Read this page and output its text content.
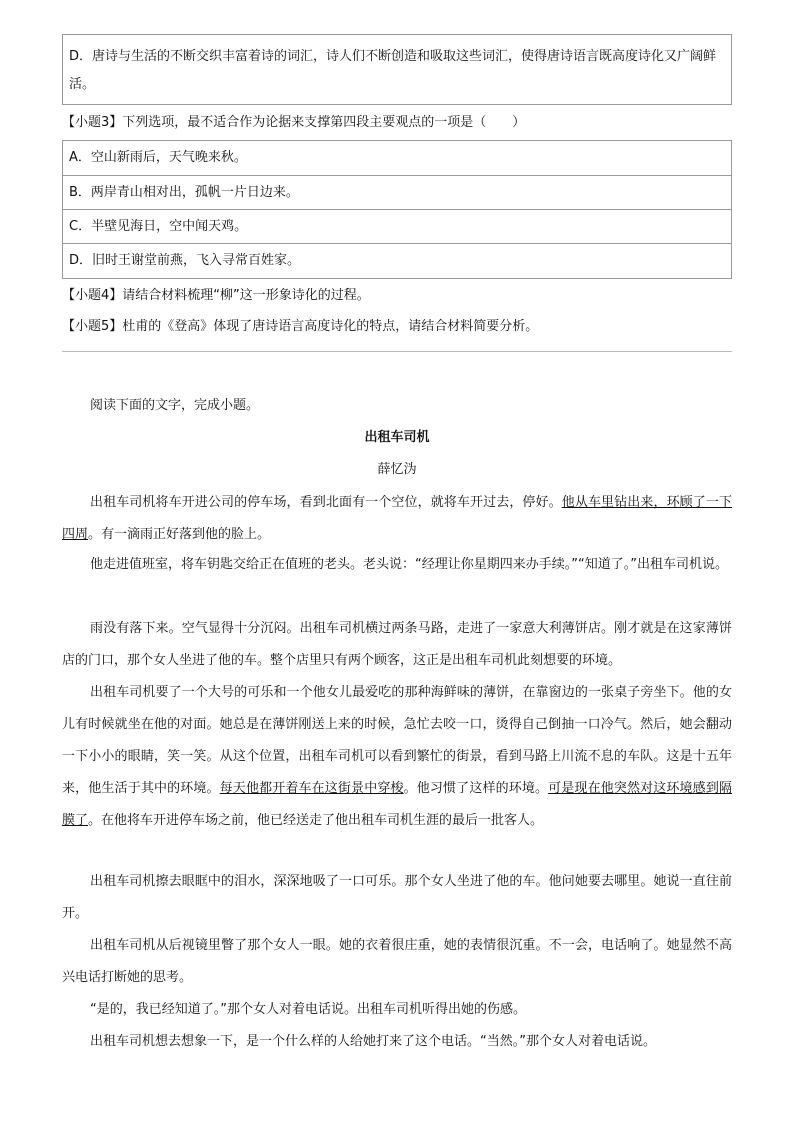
D．唐诗与生活的不断交织丰富着诗的词汇，诗人们不断创造和吸取这些词汇，使得唐诗语言既高度诗化又广阔鲜活。
【小题3】下列选项，最不适合作为论据来支撑第四段主要观点的一项是（　　）
A．空山新雨后，天气晚来秋。
B．两岸青山相对出，孤帆一片日边来。
C．半壁见海日，空中闻天鸡。
D．旧时王谢堂前燕，飞入寻常百姓家。
【小题4】请结合材料梳理“柳”这一形象诗化的过程。
【小题5】杜甫的《登高》体现了唐诗语言高度诗化的特点，请结合材料简要分析。
阅读下面的文字，完成小题。
出租车司机
薛忆沩
出租车司机将车开进公司的停车场，看到北面有一个空位，就将车开过去，停好。他从车里钻出来，环顾了一下四周。有一滴雨正好落到他的脸上。
他走进值班室，将车钥匙交给正在值班的老头。老头说：“经理让你星期四来办手续。”“知道了。”出租车司机说。
雨没有落下来。空气显得十分沉闷。出租车司机横过两条马路，走进了一家意大利薄饼店。刚才就是在这家薄饼店的门口，那个女人坐进了他的车。整个店里只有两个顾客，这正是出租车司机此刻想要的环境。
出租车司机要了一个大号的可乐和一个他女儿最爱吃的那种海鲜味的薄饼，在靠窗边的一张桌子旁坐下。他的女儿有时候就坐在他的对面。她总是在薄饼刚送上来的时候，急忙去咬一口，烫得自己倒抽一口冷气。然后，她会翻动一下小小的眼睛，笑一笑。从这个位置，出租车司机可以看到繁忙的街景，看到马路上川流不息的车队。这是十五年来，他生活于其中的环境。每天他都开着车在这街景中穿梭。他习惯了这样的环境。可是现在他突然对这环境感到隔膜了。在他将车开进停车场之前，他已经送走了他出租车司机生涯的最后一批客人。
出租车司机擦去眼眶中的泪水，深深地吸了一口可乐。那个女人坐进了他的车。他问她要去哪里。她说一直往前开。
出租车司机从后视镜里瞥了那个女人一眼。她的衣着很庄重，她的表情很沉重。不一会，电话响了。她显然不高兴电话打断她的思考。
“是的，我已经知道了。”那个女人对着电话说。出租车司机听得出她的伤感。
出租车司机想去想象一下，是一个什么样的人给她打来了这个电话。“当然。”那个女人对着电话说。
